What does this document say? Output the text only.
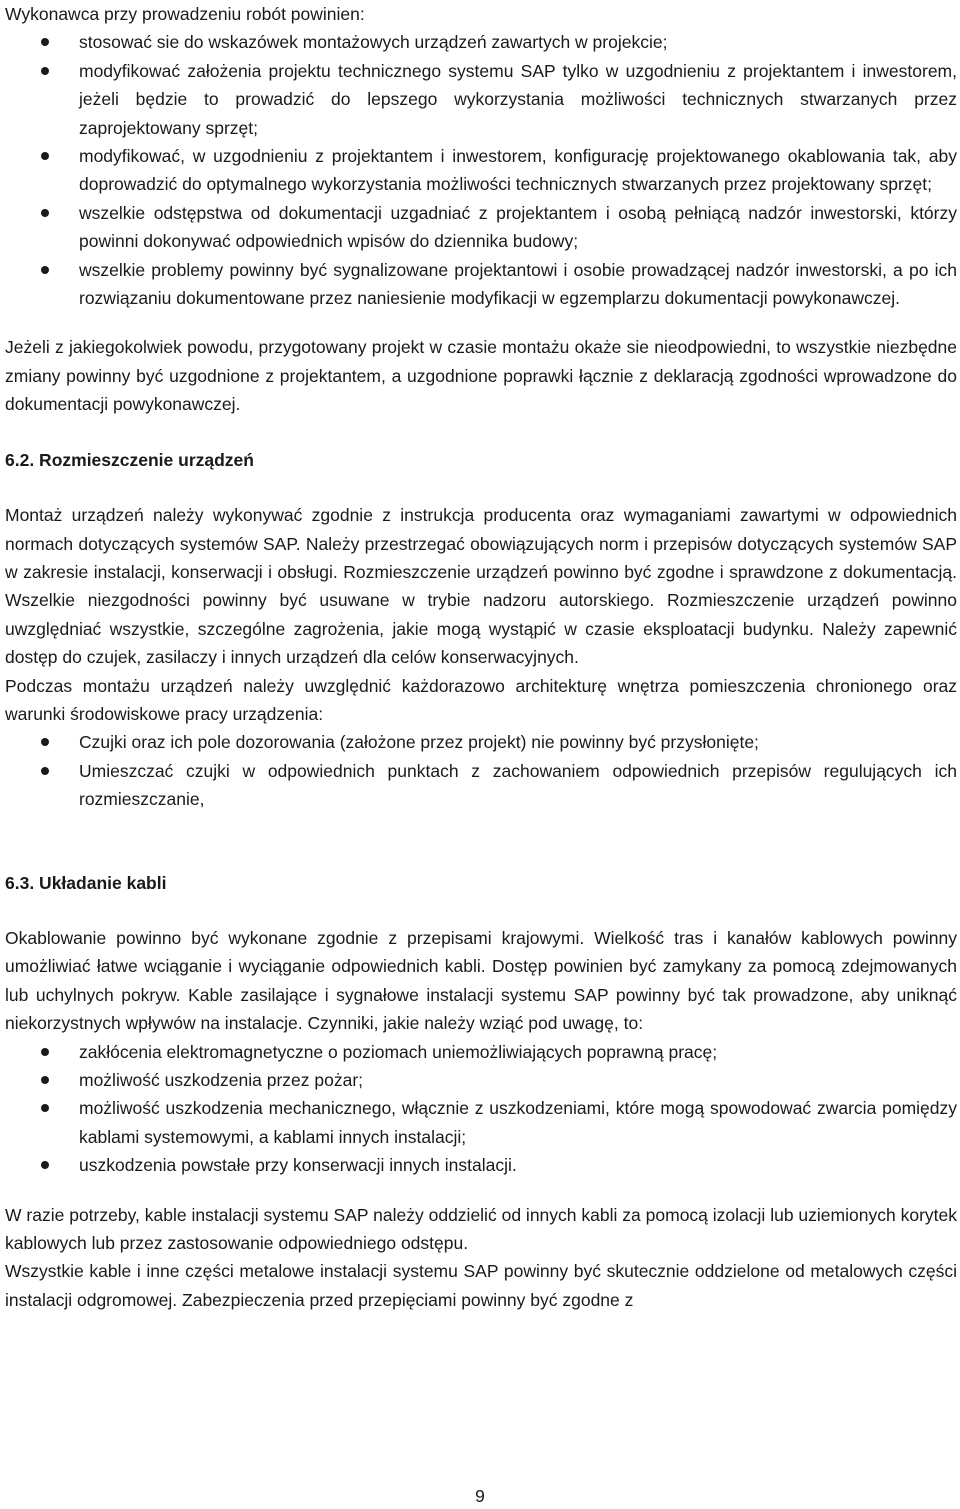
Wykonawca przy prowadzeniu robót powinien:

stosować sie do wskazówek montażowych urządzeń zawartych w projekcie;
modyfikować założenia projektu technicznego systemu SAP tylko w uzgodnieniu z projektantem i inwestorem, jeżeli będzie to prowadzić do lepszego wykorzystania możliwości technicznych stwarzanych przez zaprojektowany sprzęt;
modyfikować, w uzgodnieniu z projektantem i inwestorem, konfigurację projektowanego okablowania tak, aby doprowadzić do optymalnego wykorzystania możliwości technicznych stwarzanych przez projektowany sprzęt;
wszelkie odstępstwa od dokumentacji uzgadniać z projektantem i osobą pełniącą nadzór inwestorski, którzy powinni dokonywać odpowiednich wpisów do dziennika budowy;
wszelkie problemy powinny być sygnalizowane projektantowi i osobie prowadzącej nadzór inwestorski, a po ich rozwiązaniu dokumentowane przez naniesienie modyfikacji w egzemplarzu dokumentacji powykonawczej.

Jeżeli z jakiegokolwiek powodu, przygotowany projekt w czasie montażu okaże sie nieodpowiedni, to wszystkie niezbędne zmiany powinny być uzgodnione z projektantem, a uzgodnione poprawki łącznie z deklaracją zgodności wprowadzone do dokumentacji powykonawczej.

6.2. Rozmieszczenie urządzeń

Montaż urządzeń należy wykonywać zgodnie z instrukcja producenta oraz wymaganiami zawartymi w odpowiednich normach dotyczących systemów SAP. Należy przestrzegać obowiązujących norm i przepisów dotyczących systemów SAP w zakresie instalacji, konserwacji i obsługi. Rozmieszczenie urządzeń powinno być zgodne i sprawdzone z dokumentacją. Wszelkie niezgodności powinny być usuwane w trybie nadzoru autorskiego. Rozmieszczenie urządzeń powinno uwzględniać wszystkie, szczególne zagrożenia, jakie mogą wystąpić w czasie eksploatacji budynku. Należy zapewnić dostęp do czujek, zasilaczy i innych urządzeń dla celów konserwacyjnych.

Podczas montażu urządzeń należy uwzględnić każdorazowo architekturę wnętrza pomieszczenia chronionego oraz warunki środowiskowe pracy urządzenia:

Czujki oraz ich pole dozorowania (założone przez projekt) nie powinny być przysłonięte;
Umieszczać czujki w odpowiednich punktach z zachowaniem odpowiednich przepisów regulujących ich rozmieszczanie,

6.3. Układanie kabli

Okablowanie powinno być wykonane zgodnie z przepisami krajowymi. Wielkość tras i kanałów kablowych powinny umożliwiać łatwe wciąganie i wyciąganie odpowiednich kabli. Dostęp powinien być zamykany za pomocą zdejmowanych lub uchylnych pokryw. Kable zasilające i sygnałowe instalacji systemu SAP powinny być tak prowadzone, aby uniknąć niekorzystnych wpływów na instalacje. Czynniki, jakie należy wziąć pod uwagę, to:

zakłócenia elektromagnetyczne o poziomach uniemożliwiających poprawną pracę;
możliwość uszkodzenia przez pożar;
możliwość uszkodzenia mechanicznego, włącznie z uszkodzeniami, które mogą spowodować zwarcia pomiędzy kablami systemowymi, a kablami innych instalacji;
uszkodzenia powstałe przy konserwacji innych instalacji.

W razie potrzeby, kable instalacji systemu SAP należy oddzielić od innych kabli za pomocą izolacji lub uziemionych korytek kablowych lub przez zastosowanie odpowiedniego odstępu.

Wszystkie kable i inne części metalowe instalacji systemu SAP powinny być skutecznie oddzielone od metalowych części instalacji odgromowej. Zabezpieczenia przed przepięciami powinny być zgodne z

9
